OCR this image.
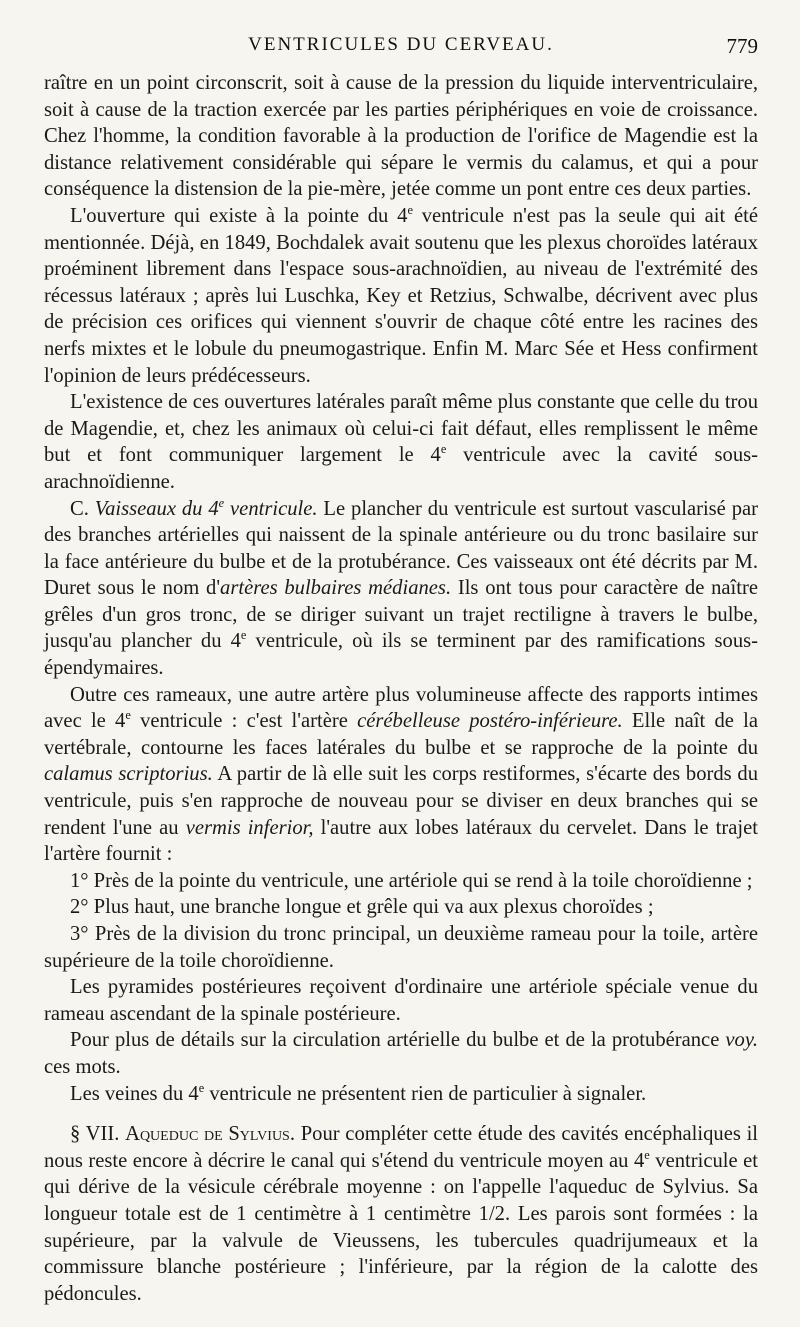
VENTRICULES DU CERVEAU.	779

raître en un point circonscrit, soit à cause de la pression du liquide interventriculaire, soit à cause de la traction exercée par les parties périphériques en voie de croissance. Chez l'homme, la condition favorable à la production de l'orifice de Magendie est la distance relativement considérable qui sépare le vermis du calamus, et qui a pour conséquence la distension de la pie-mère, jetée comme un pont entre ces deux parties.

L'ouverture qui existe à la pointe du 4e ventricule n'est pas la seule qui ait été mentionnée. Déjà, en 1849, Bochdalek avait soutenu que les plexus choroïdes latéraux proéminent librement dans l'espace sous-arachnoïdien, au niveau de l'extrémité des récessus latéraux ; après lui Luschka, Key et Retzius, Schwalbe, décrivent avec plus de précision ces orifices qui viennent s'ouvrir de chaque côté entre les racines des nerfs mixtes et le lobule du pneumogastrique. Enfin M. Marc Sée et Hess confirment l'opinion de leurs prédécesseurs.

L'existence de ces ouvertures latérales paraît même plus constante que celle du trou de Magendie, et, chez les animaux où celui-ci fait défaut, elles remplissent le même but et font communiquer largement le 4e ventricule avec la cavité sous-arachnoïdienne.

C. Vaisseaux du 4e ventricule. Le plancher du ventricule est surtout vascularisé par des branches artérielles qui naissent de la spinale antérieure ou du tronc basilaire sur la face antérieure du bulbe et de la protubérance. Ces vaisseaux ont été décrits par M. Duret sous le nom d'artères bulbaires médianes. Ils ont tous pour caractère de naître grêles d'un gros tronc, de se diriger suivant un trajet rectiligne à travers le bulbe, jusqu'au plancher du 4e ventricule, où ils se terminent par des ramifications sous-épendymaires.

Outre ces rameaux, une autre artère plus volumineuse affecte des rapports intimes avec le 4e ventricule : c'est l'artère cérébelleuse postéro-inférieure. Elle naît de la vertébrale, contourne les faces latérales du bulbe et se rapproche de la pointe du calamus scriptorius. A partir de là elle suit les corps restiformes, s'écarte des bords du ventricule, puis s'en rapproche de nouveau pour se diviser en deux branches qui se rendent l'une au vermis inferior, l'autre aux lobes latéraux du cervelet. Dans le trajet l'artère fournit :

1° Près de la pointe du ventricule, une artériole qui se rend à la toile choroïdienne ;

2° Plus haut, une branche longue et grêle qui va aux plexus choroïdes ;

3° Près de la division du tronc principal, un deuxième rameau pour la toile, artère supérieure de la toile choroïdienne.

Les pyramides postérieures reçoivent d'ordinaire une artériole spéciale venue du rameau ascendant de la spinale postérieure.

Pour plus de détails sur la circulation artérielle du bulbe et de la protubérance voy. ces mots.

Les veines du 4e ventricule ne présentent rien de particulier à signaler.

§ VII. Aqueduc de Sylvius. Pour compléter cette étude des cavités encéphaliques il nous reste encore à décrire le canal qui s'étend du ventricule moyen au 4e ventricule et qui dérive de la vésicule cérébrale moyenne : on l'appelle l'aqueduc de Sylvius. Sa longueur totale est de 1 centimètre à 1 centimètre 1/2. Les parois sont formées : la supérieure, par la valvule de Vieussens, les tubercules quadrijumeaux et la commissure blanche postérieure ; l'inférieure, par la région de la calotte des pédoncules.
